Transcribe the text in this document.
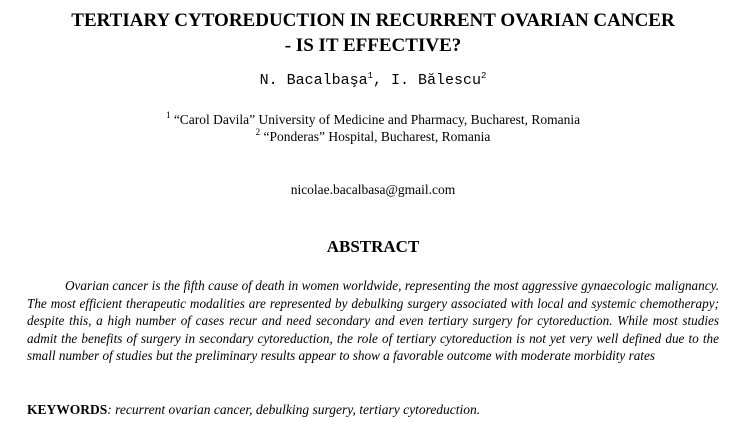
TERTIARY CYTOREDUCTION IN RECURRENT OVARIAN CANCER
- IS IT EFFECTIVE?
N. Bacalbaşa$^1$, I. Bălescu$^2$
$^1$ “Carol Davila” University of Medicine and Pharmacy, Bucharest, Romania
$^2$ “Ponderas” Hospital, Bucharest, Romania
nicolae.bacalbasa@gmail.com
ABSTRACT

Ovarian cancer is the fifth cause of death in women worldwide, representing the most aggressive gynaecologic malignancy. The most efficient therapeutic modalities are represented by debulking surgery associated with local and systemic chemotherapy; despite this, a high number of cases recur and need secondary and even tertiary surgery for cytoreduction. While most studies admit the benefits of surgery in secondary cytoreduction, the role of tertiary cytoreduction is not yet very well defined due to the small number of studies but the preliminary results appear to show a favorable outcome with moderate morbidity rates

KEYWORDS: recurrent ovarian cancer, debulking surgery, tertiary cytoreduction.
